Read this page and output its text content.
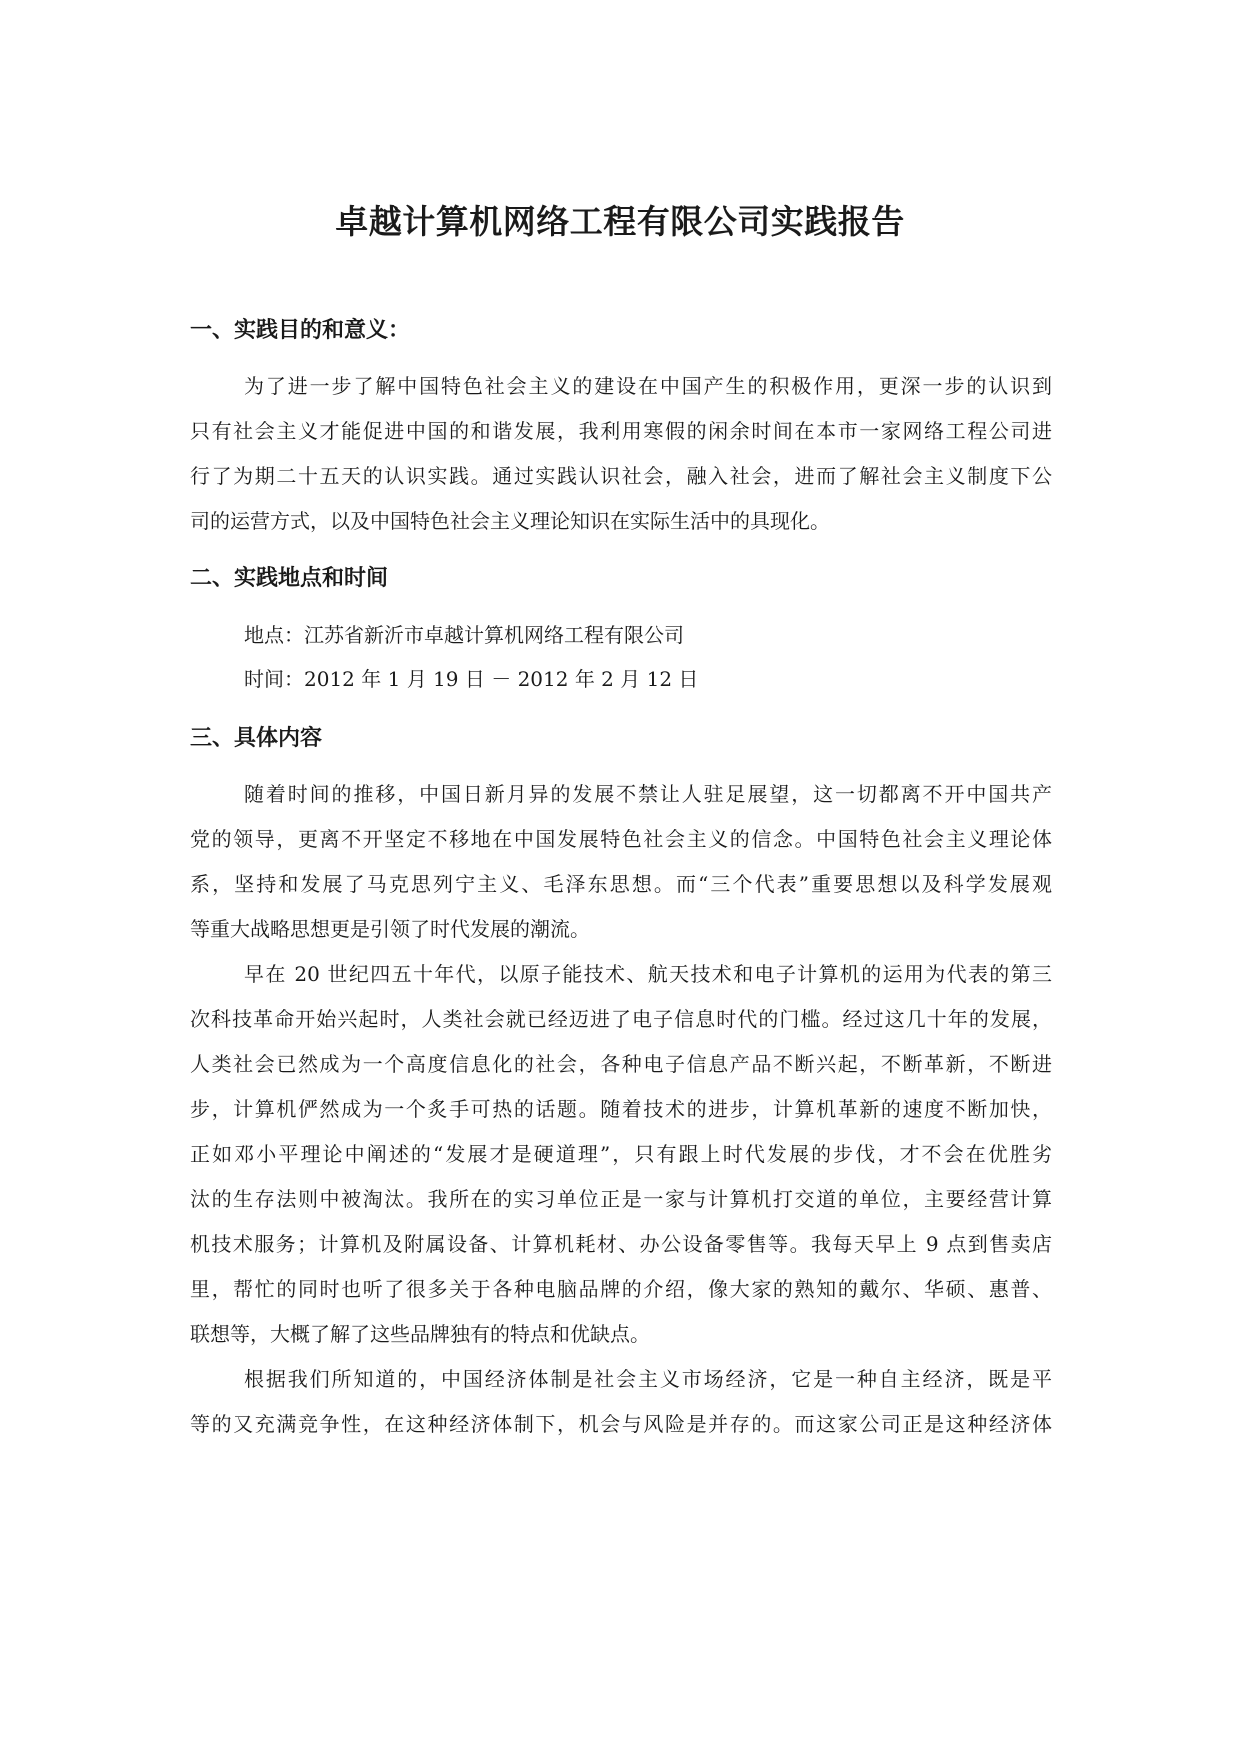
卓越计算机网络工程有限公司实践报告
一、实践目的和意义：
为了进一步了解中国特色社会主义的建设在中国产生的积极作用，更深一步的认识到
只有社会主义才能促进中国的和谐发展，我利用寒假的闲余时间在本市一家网络工程公司进
行了为期二十五天的认识实践。通过实践认识社会，融入社会，进而了解社会主义制度下公
司的运营方式，以及中国特色社会主义理论知识在实际生活中的具现化。
二、实践地点和时间
地点：江苏省新沂市卓越计算机网络工程有限公司
时间：2012 年 1 月 19 日 － 2012 年 2 月 12 日
三、具体内容
随着时间的推移，中国日新月异的发展不禁让人驻足展望，这一切都离不开中国共产
党的领导，更离不开坚定不移地在中国发展特色社会主义的信念。中国特色社会主义理论体
系，坚持和发展了马克思列宁主义、毛泽东思想。而“三个代表”重要思想以及科学发展观
等重大战略思想更是引领了时代发展的潮流。
早在 20 世纪四五十年代，以原子能技术、航天技术和电子计算机的运用为代表的第三
次科技革命开始兴起时，人类社会就已经迈进了电子信息时代的门槛。经过这几十年的发展，
人类社会已然成为一个高度信息化的社会，各种电子信息产品不断兴起，不断革新，不断进
步，计算机俨然成为一个炙手可热的话题。随着技术的进步，计算机革新的速度不断加快，
正如邓小平理论中阐述的“发展才是硬道理”，只有跟上时代发展的步伐，才不会在优胜劣
汰的生存法则中被淘汰。我所在的实习单位正是一家与计算机打交道的单位，主要经营计算
机技术服务；计算机及附属设备、计算机耗材、办公设备零售等。我每天早上 9 点到售卖店
里，帮忙的同时也听了很多关于各种电脑品牌的介绍，像大家的熟知的戴尔、华硕、惠普、
联想等，大概了解了这些品牌独有的特点和优缺点。
根据我们所知道的，中国经济体制是社会主义市场经济，它是一种自主经济，既是平
等的又充满竞争性，在这种经济体制下，机会与风险是并存的。而这家公司正是这种经济体
